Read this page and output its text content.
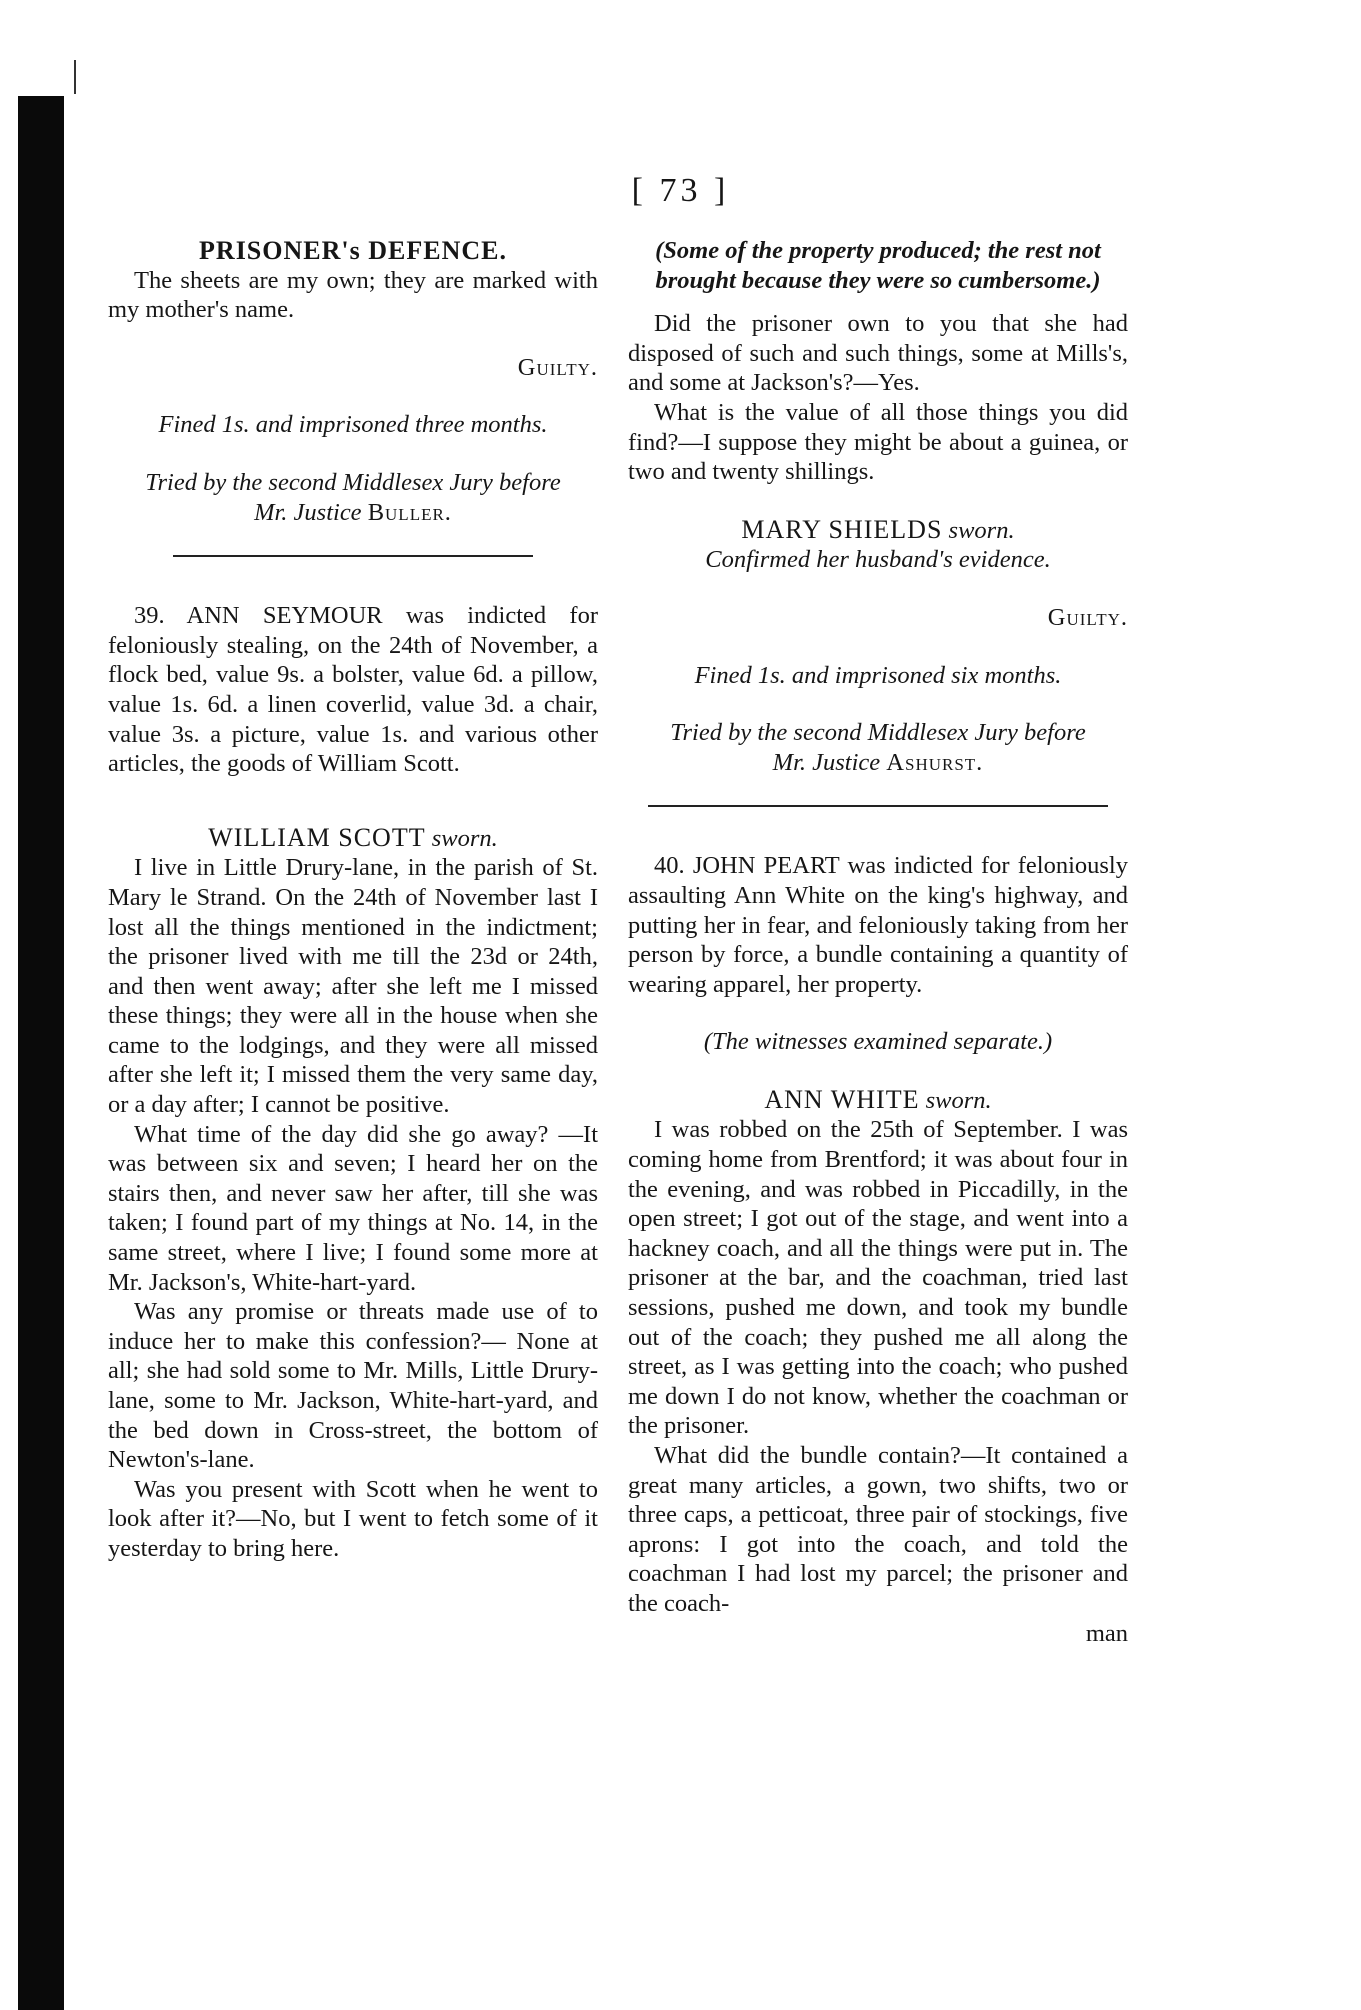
[ 73 ]

PRISONER's DEFENCE.

The sheets are my own; they are marked with my mother's name.

Guilty.

Fined 1s. and imprisoned three months.

Tried by the second Middlesex Jury before

Mr. Justice Buller.

39. ANN SEYMOUR was indicted for feloniously stealing, on the 24th of November, a flock bed, value 9s. a bolster, value 6d. a pillow, value 1s. 6d. a linen coverlid, value 3d. a chair, value 3s. a picture, value 1s. and various other articles, the goods of William Scott.

WILLIAM SCOTT sworn.

I live in Little Drury-lane, in the parish of St. Mary le Strand. On the 24th of November last I lost all the things mentioned in the indictment; the prisoner lived with me till the 23d or 24th, and then went away; after she left me I missed these things; they were all in the house when she came to the lodgings, and they were all missed after she left it; I missed them the very same day, or a day after; I cannot be positive.

What time of the day did she go away? —It was between six and seven; I heard her on the stairs then, and never saw her after, till she was taken; I found part of my things at No. 14, in the same street, where I live; I found some more at Mr. Jackson's, White-hart-yard.

Was any promise or threats made use of to induce her to make this confession?— None at all; she had sold some to Mr. Mills, Little Drury-lane, some to Mr. Jackson, White-hart-yard, and the bed down in Cross-street, the bottom of Newton's-lane.

Was you present with Scott when he went to look after it?—No, but I went to fetch some of it yesterday to bring here.

(Some of the property produced; the rest not brought because they were so cumbersome.)

Did the prisoner own to you that she had disposed of such and such things, some at Mills's, and some at Jackson's?—Yes.

What is the value of all those things you did find?—I suppose they might be about a guinea, or two and twenty shillings.

MARY SHIELDS sworn.

Confirmed her husband's evidence.

Guilty.

Fined 1s. and imprisoned six months.

Tried by the second Middlesex Jury before

Mr. Justice Ashurst.

40. JOHN PEART was indicted for feloniously assaulting Ann White on the king's highway, and putting her in fear, and feloniously taking from her person by force, a bundle containing a quantity of wearing apparel, her property.

(The witnesses examined separate.)

ANN WHITE sworn.

I was robbed on the 25th of September. I was coming home from Brentford; it was about four in the evening, and was robbed in Piccadilly, in the open street; I got out of the stage, and went into a hackney coach, and all the things were put in. The prisoner at the bar, and the coachman, tried last sessions, pushed me down, and took my bundle out of the coach; they pushed me all along the street, as I was getting into the coach; who pushed me down I do not know, whether the coachman or the prisoner.

What did the bundle contain?—It contained a great many articles, a gown, two shifts, two or three caps, a petticoat, three pair of stockings, five aprons: I got into the coach, and told the coachman I had lost my parcel; the prisoner and the coach-

man
